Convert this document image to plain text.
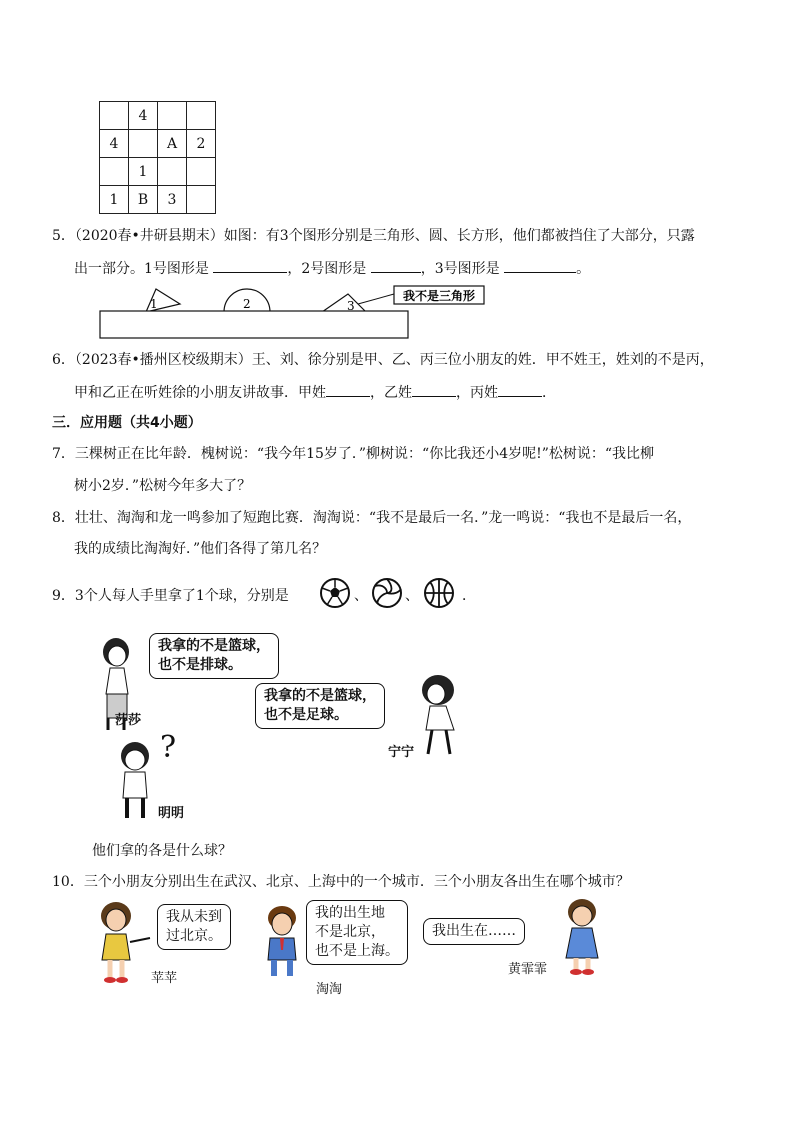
	4		
4		A	2
	1		
1	B	3	
5．（2020春•井研县期末）如图：有3个图形分别是三角形、圆、长方形，他们都被挡住了大部分，只露
出一部分。1号图形是	，2号图形是	，3号图形是	。
1	2	3
我不是三角形
6．（2023春•播州区校级期末）王、刘、徐分别是甲、乙、丙三位小朋友的姓．甲不姓王，姓刘的不是丙，
甲和乙正在听姓徐的小朋友讲故事．甲姓	，乙姓	，丙姓	．
三．应用题（共4小题）
7．三棵树正在比年龄．槐树说：“我今年15岁了．”柳树说：“你比我还小4岁呢!”松树说：“我比柳
树小2岁．”松树今年多大了？
8．壮壮、淘淘和龙一鸣参加了短跑比赛．淘淘说：“我不是最后一名．”龙一鸣说：“我也不是最后一名，
我的成绩比淘淘好．”他们各得了第几名？
9．3个人每人手里拿了1个球，分别是	、	、	．
我拿的不是篮球，
也不是排球。
莎莎
我拿的不是篮球，
也不是足球。
宁宁
?
明明
他们拿的各是什么球？
10．三个小朋友分别出生在武汉、北京、上海中的一个城市．三个小朋友各出生在哪个城市？
我从未到
过北京。
苹苹
我的出生地
不是北京，
也不是上海。
淘淘
我出生在……
黄霏霏
